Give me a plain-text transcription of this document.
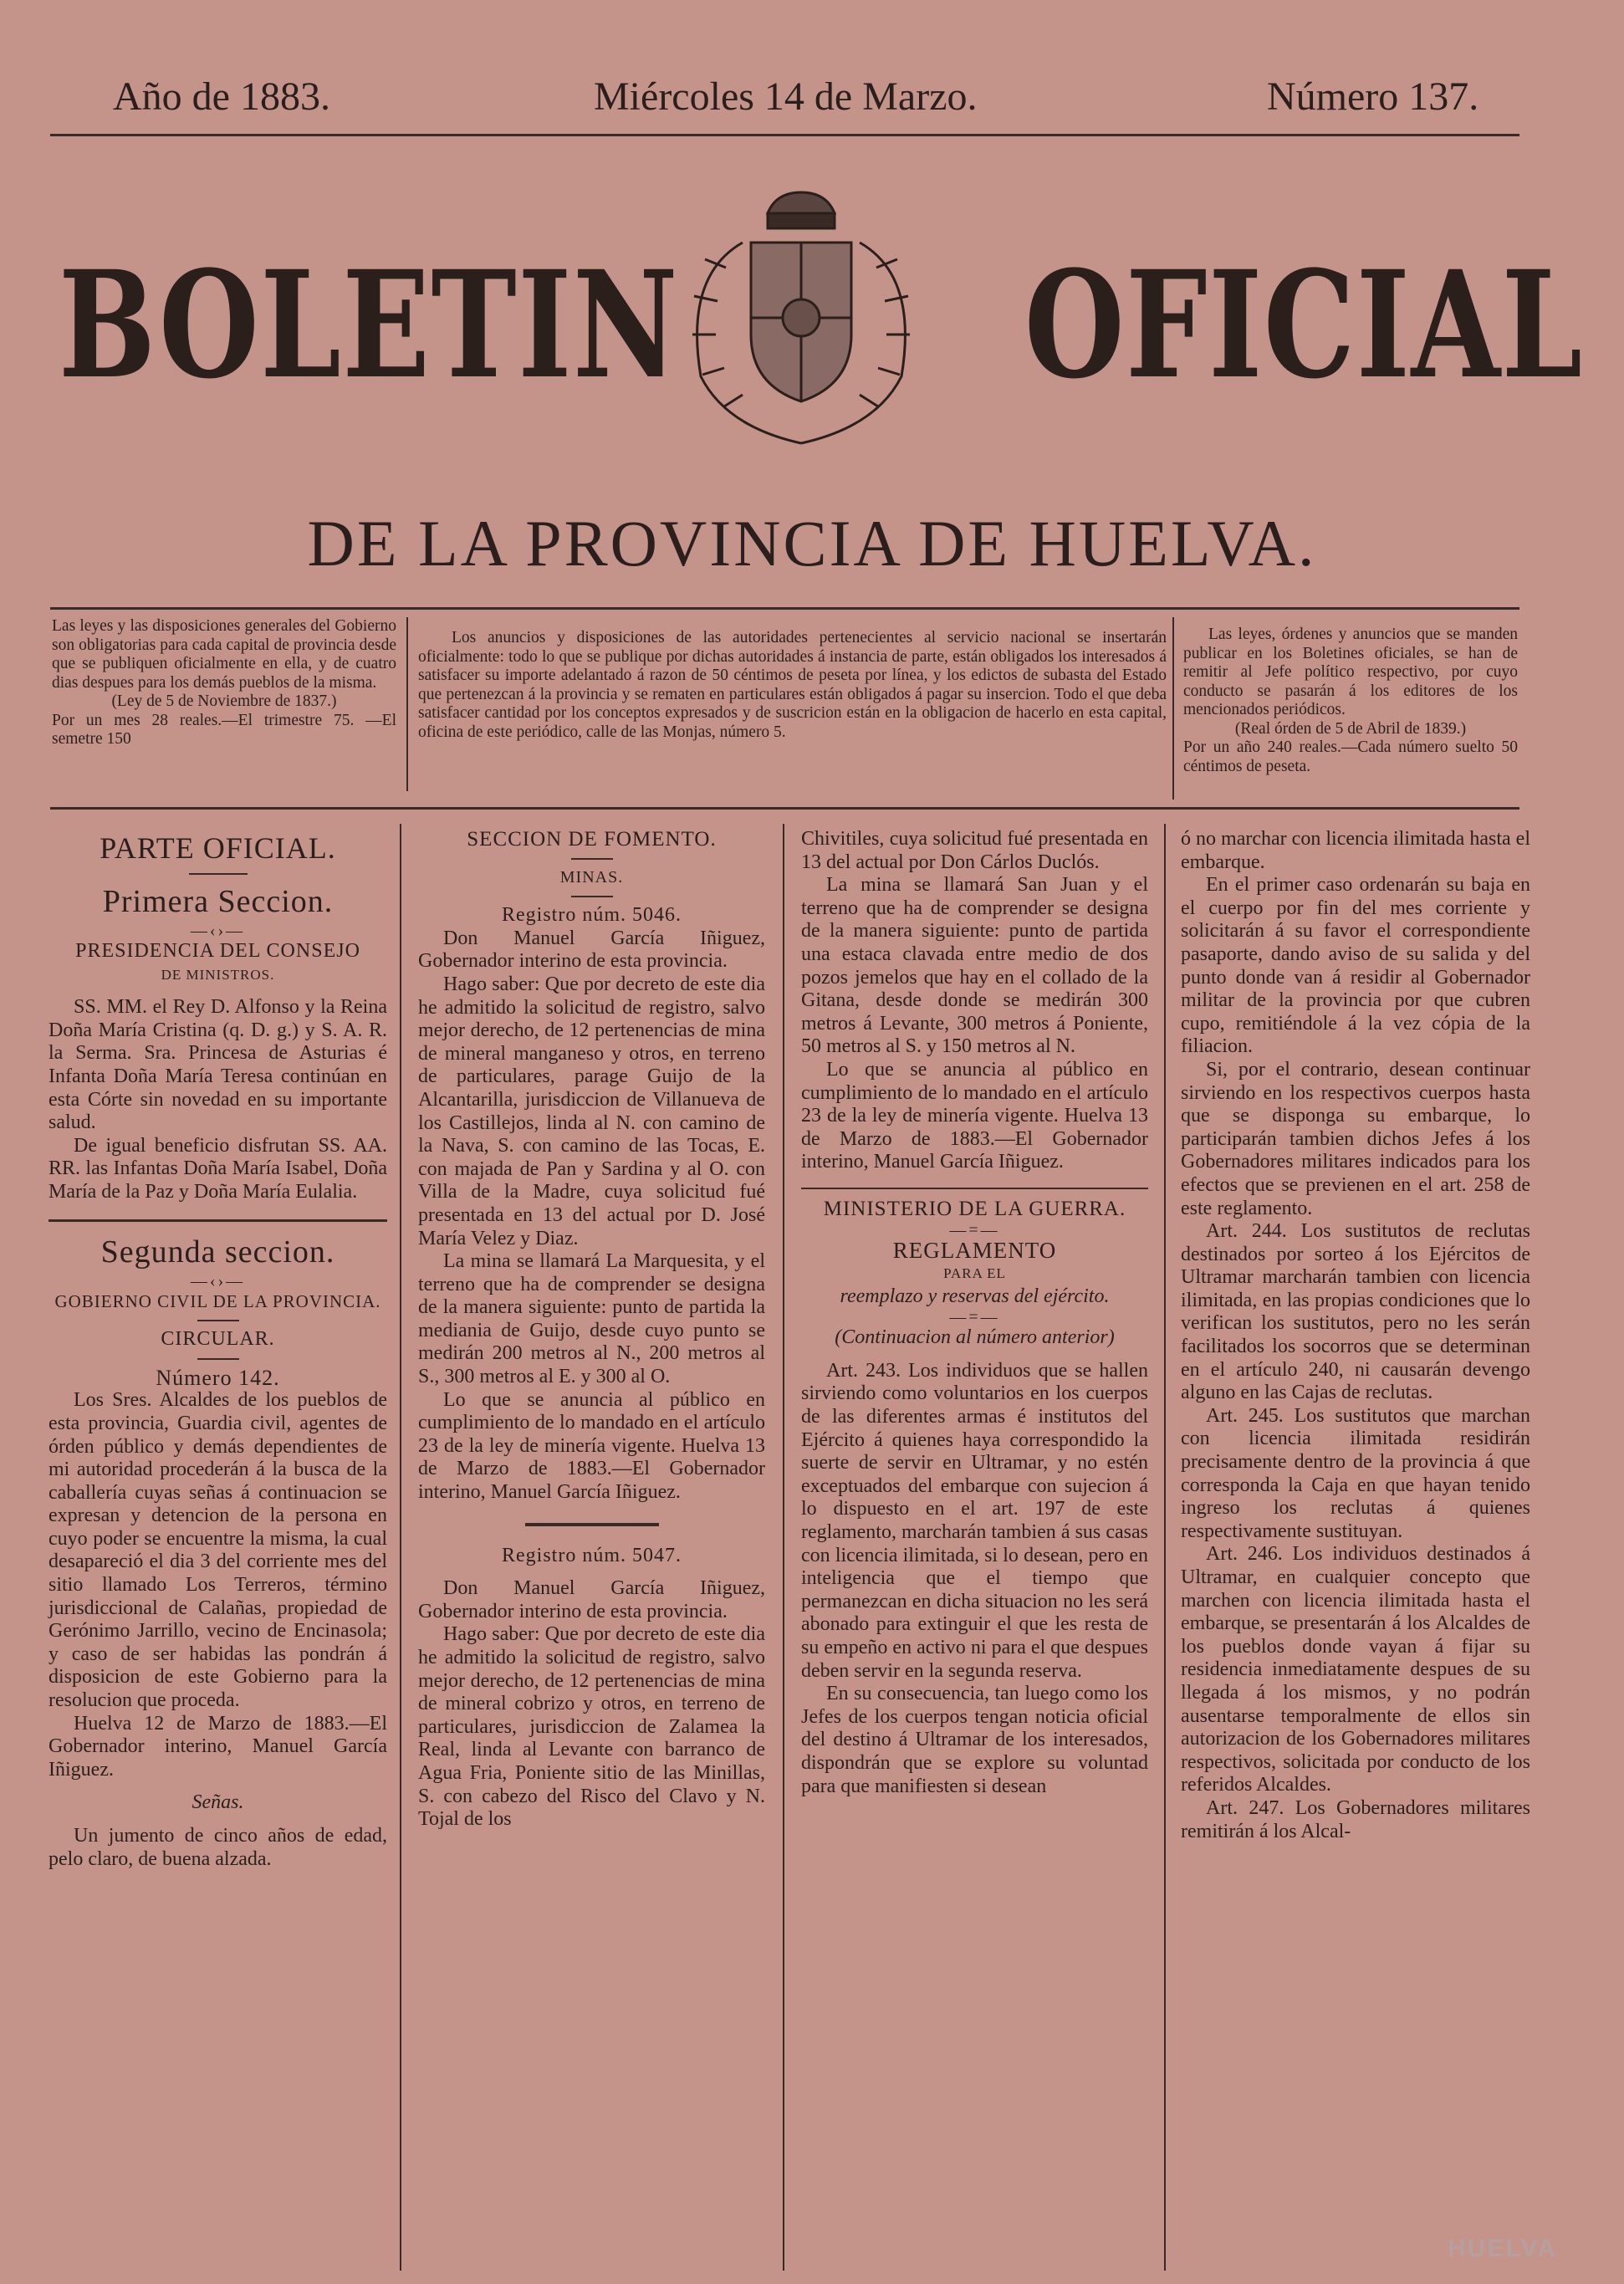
Año de 1883.	Miércoles 14 de Marzo.	Número 137.
BOLETIN OFICIAL
DE LA PROVINCIA DE HUELVA.

Las leyes y las disposiciones generales del Gobierno son obligatorias para cada capital de provincia desde que se publiquen oficialmente en ella, y de cuatro dias despues para los demás pueblos de la misma.

(Ley de 5 de Noviembre de 1837.)

Por un mes 28 reales.—El trimestre 75. —El semetre 150

Los anuncios y disposiciones de las autoridades pertenecientes al servicio nacional se insertarán oficialmente: todo lo que se publique por dichas autoridades á instancia de parte, están obligados los interesados á satisfacer su importe adelantado á razon de 50 céntimos de peseta por línea, y los edictos de subasta del Estado que pertenezcan á la provincia y se rematen en particulares están obligados á pagar su insercion. Todo el que deba satisfacer cantidad por los conceptos expresados y de suscricion están en la obligacion de hacerlo en esta capital, oficina de este periódico, calle de las Monjas, número 5.

Las leyes, órdenes y anuncios que se manden publicar en los Boletines oficiales, se han de remitir al Jefe político respectivo, por cuyo conducto se pasarán á los editores de los mencionados periódicos.

(Real órden de 5 de Abril de 1839.)

Por un año 240 reales.—Cada número suelto 50 céntimos de peseta.

PARTE OFICIAL.
Primera Seccion.
—‹›—
PRESIDENCIA DEL CONSEJO
DE MINISTROS.

SS. MM. el Rey D. Alfonso y la Reina Doña María Cristina (q. D. g.) y S. A. R. la Serma. Sra. Princesa de Asturias é Infanta Doña María Teresa continúan en esta Córte sin novedad en su importante salud.

De igual beneficio disfrutan SS. AA. RR. las Infantas Doña María Isabel, Doña María de la Paz y Doña María Eulalia.

Segunda seccion.
—‹›—
GOBIERNO CIVIL DE LA PROVINCIA.
CIRCULAR.
Número 142.

Los Sres. Alcaldes de los pueblos de esta provincia, Guardia civil, agentes de órden público y demás dependientes de mi autoridad procederán á la busca de la caballería cuyas señas á continuacion se expresan y detencion de la persona en cuyo poder se encuentre la misma, la cual desapareció el dia 3 del corriente mes del sitio llamado Los Terreros, término jurisdiccional de Calañas, propiedad de Gerónimo Jarrillo, vecino de Encinasola; y caso de ser habidas las pondrán á disposicion de este Gobierno para la resolucion que proceda.

Huelva 12 de Marzo de 1883.—El Gobernador interino, Manuel García Iñiguez.

Señas.

Un jumento de cinco años de edad, pelo claro, de buena alzada.

SECCION DE FOMENTO.
MINAS.
Registro núm. 5046.

Don Manuel García Iñiguez, Gobernador interino de esta provincia.

Hago saber: Que por decreto de este dia he admitido la solicitud de registro, salvo mejor derecho, de 12 pertenencias de mina de mineral manganeso y otros, en terreno de particulares, parage Guijo de la Alcantarilla, jurisdiccion de Villanueva de los Castillejos, linda al N. con camino de la Nava, S. con camino de las Tocas, E. con majada de Pan y Sardina y al O. con Villa de la Madre, cuya solicitud fué presentada en 13 del actual por D. José María Velez y Diaz.

La mina se llamará La Marquesita, y el terreno que ha de comprender se designa de la manera siguiente: punto de partida la mediania de Guijo, desde cuyo punto se medirán 200 metros al N., 200 metros al S., 300 metros al E. y 300 al O.

Lo que se anuncia al público en cumplimiento de lo mandado en el artículo 23 de la ley de minería vigente. Huelva 13 de Marzo de 1883.—El Gobernador interino, Manuel García Iñiguez.

Registro núm. 5047.

Don Manuel García Iñiguez, Gobernador interino de esta provincia.

Hago saber: Que por decreto de este dia he admitido la solicitud de registro, salvo mejor derecho, de 12 pertenencias de mina de mineral cobrizo y otros, en terreno de particulares, jurisdiccion de Zalamea la Real, linda al Levante con barranco de Agua Fria, Poniente sitio de las Minillas, S. con cabezo del Risco del Clavo y N. Tojal de los

Chivitiles, cuya solicitud fué presentada en 13 del actual por Don Cárlos Duclós.

La mina se llamará San Juan y el terreno que ha de comprender se designa de la manera siguiente: punto de partida una estaca clavada entre medio de dos pozos jemelos que hay en el collado de la Gitana, desde donde se medirán 300 metros á Levante, 300 metros á Poniente, 50 metros al S. y 150 metros al N.

Lo que se anuncia al público en cumplimiento de lo mandado en el artículo 23 de la ley de minería vigente. Huelva 13 de Marzo de 1883.—El Gobernador interino, Manuel García Iñiguez.

MINISTERIO DE LA GUERRA.
—=—
REGLAMENTO
PARA EL
reemplazo y reservas del ejército.
—=—
(Continuacion al número anterior)

Art. 243. Los individuos que se hallen sirviendo como voluntarios en los cuerpos de las diferentes armas é institutos del Ejército á quienes haya correspondido la suerte de servir en Ultramar, y no estén exceptuados del embarque con sujecion á lo dispuesto en el art. 197 de este reglamento, marcharán tambien á sus casas con licencia ilimitada, si lo desean, pero en inteligencia que el tiempo que permanezcan en dicha situacion no les será abonado para extinguir el que les resta de su empeño en activo ni para el que despues deben servir en la segunda reserva.

En su consecuencia, tan luego como los Jefes de los cuerpos tengan noticia oficial del destino á Ultramar de los interesados, dispondrán que se explore su voluntad para que manifiesten si desean

ó no marchar con licencia ilimitada hasta el embarque.

En el primer caso ordenarán su baja en el cuerpo por fin del mes corriente y solicitarán á su favor el correspondiente pasaporte, dando aviso de su salida y del punto donde van á residir al Gobernador militar de la provincia por que cubren cupo, remitiéndole á la vez cópia de la filiacion.

Si, por el contrario, desean continuar sirviendo en los respectivos cuerpos hasta que se disponga su embarque, lo participarán tambien dichos Jefes á los Gobernadores militares indicados para los efectos que se previenen en el art. 258 de este reglamento.

Art. 244. Los sustitutos de reclutas destinados por sorteo á los Ejércitos de Ultramar marcharán tambien con licencia ilimitada, en las propias condiciones que lo verifican los sustitutos, pero no les serán facilitados los socorros que se determinan en el artículo 240, ni causarán devengo alguno en las Cajas de reclutas.

Art. 245. Los sustitutos que marchan con licencia ilimitada residirán precisamente dentro de la provincia á que corresponda la Caja en que hayan tenido ingreso los reclutas á quienes respectivamente sustituyan.

Art. 246. Los individuos destinados á Ultramar, en cualquier concepto que marchen con licencia ilimitada hasta el embarque, se presentarán á los Alcaldes de los pueblos donde vayan á fijar su residencia inmediatamente despues de su llegada á los mismos, y no podrán ausentarse temporalmente de ellos sin autorizacion de los Gobernadores militares respectivos, solicitada por conducto de los referidos Alcaldes.

Art. 247. Los Gobernadores militares remitirán á los Alcal-

HUELVA
